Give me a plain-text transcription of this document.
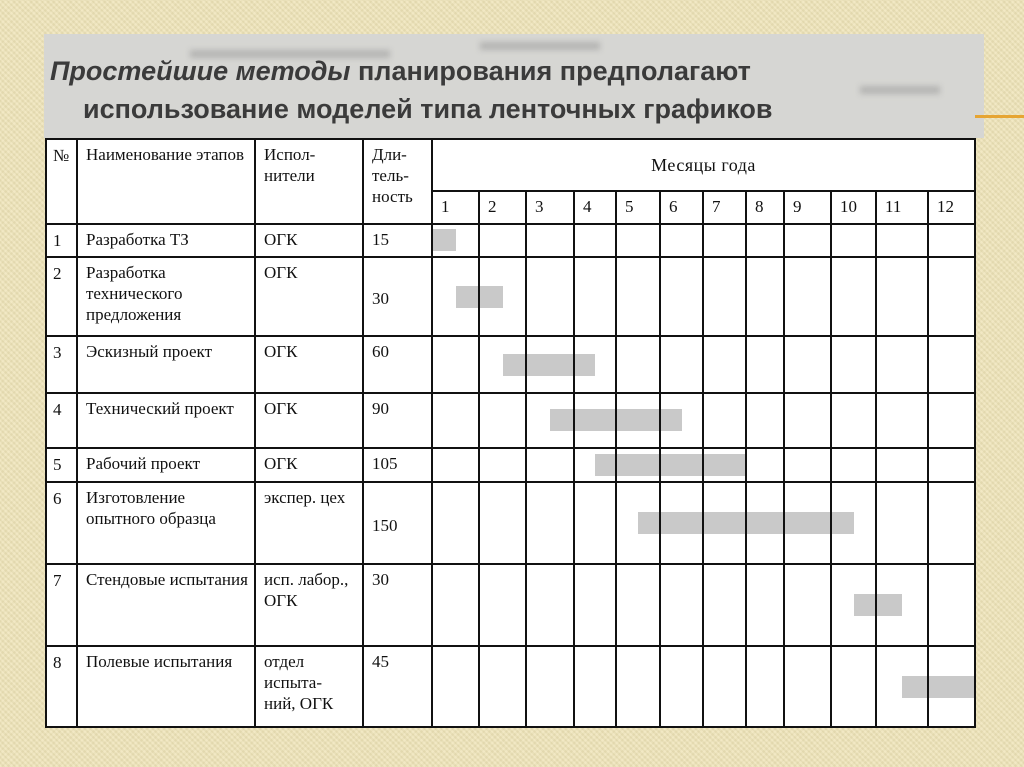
Простейшие методы планирования предполагают
использование моделей типа ленточных графиков
№	Наименование этапов	Испол- нители	Дли- тель- ность	Месяцы года											
				1	2	3	4	5	6	7	8	9	10	11	12
1	Разработка ТЗ	ОГК	15	

2	Разработка технического предложения	ОГК	30	

3	Эскизный проект	ОГК	60		

4	Технический проект	ОГК	90			

5	Рабочий проект	ОГК	105				

6	Изготовление опытного образца	экспер. цех	150					

7	Стендовые испытания	исп. лабор., ОГК	30										

8	Полевые испытания	отдел испыта- ний, ОГК	45											
